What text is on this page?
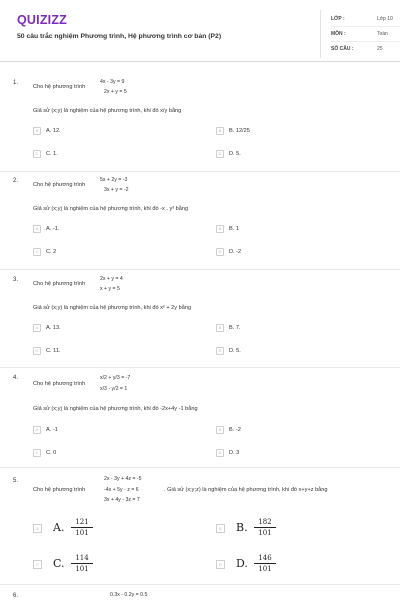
QUIZIZZ
50 câu trắc nghiệm Phương trình, Hệ phương trình cơ bản (P2)
LỚP :	Lớp 10
MÔN :	Toán
SỐ CÂU :	25
1.
Cho hệ phương trình
4x - 3y = 9
2x + y = 5
Giả sử (x;y) là nghiệm của hệ phương trình, khi đó x/y bằng
A A. 12.	B B. 12/25
C C. 1.	D D. 5.
2.
Cho hệ phương trình
5x + 2y = -3
3x + y = -2
Giả sử (x;y) là nghiệm của hệ phương trình, khi đó -x . y³ bằng
A A. -1.	B B. 1
C C. 2	D D. -2
3.
Cho hệ phương trình
2x + y = 4
x + y = 5
Giả sử (x;y) là nghiệm của hệ phương trình, khi đó x² + 2y bằng
A A. 13.	B B. 7.
C C. 11.	D D. 5.
4.
Cho hệ phương trình
x/2 + y/3 = -7
x/3 - y/2 = 1
Giả sử (x;y) là nghiệm của hệ phương trình, khi đó -2x+4y -1 bằng
A A. -1	B B. -2
C C. 0	D D. 3
5.
Cho hệ phương trình
2x - 3y + 4z = -5
-4x + 5y - z = 6
3x + 4y - 3z = 7
. Giả sử (x;y;z) là nghiệm của hệ phương trình, khi đó x+y+z bằng
A A. $\frac{121}{101}$	B B. $\frac{182}{101}$
C C. $\frac{114}{101}$	D D. $\frac{146}{101}$
6.	0.3x - 0.2y = 0.5
